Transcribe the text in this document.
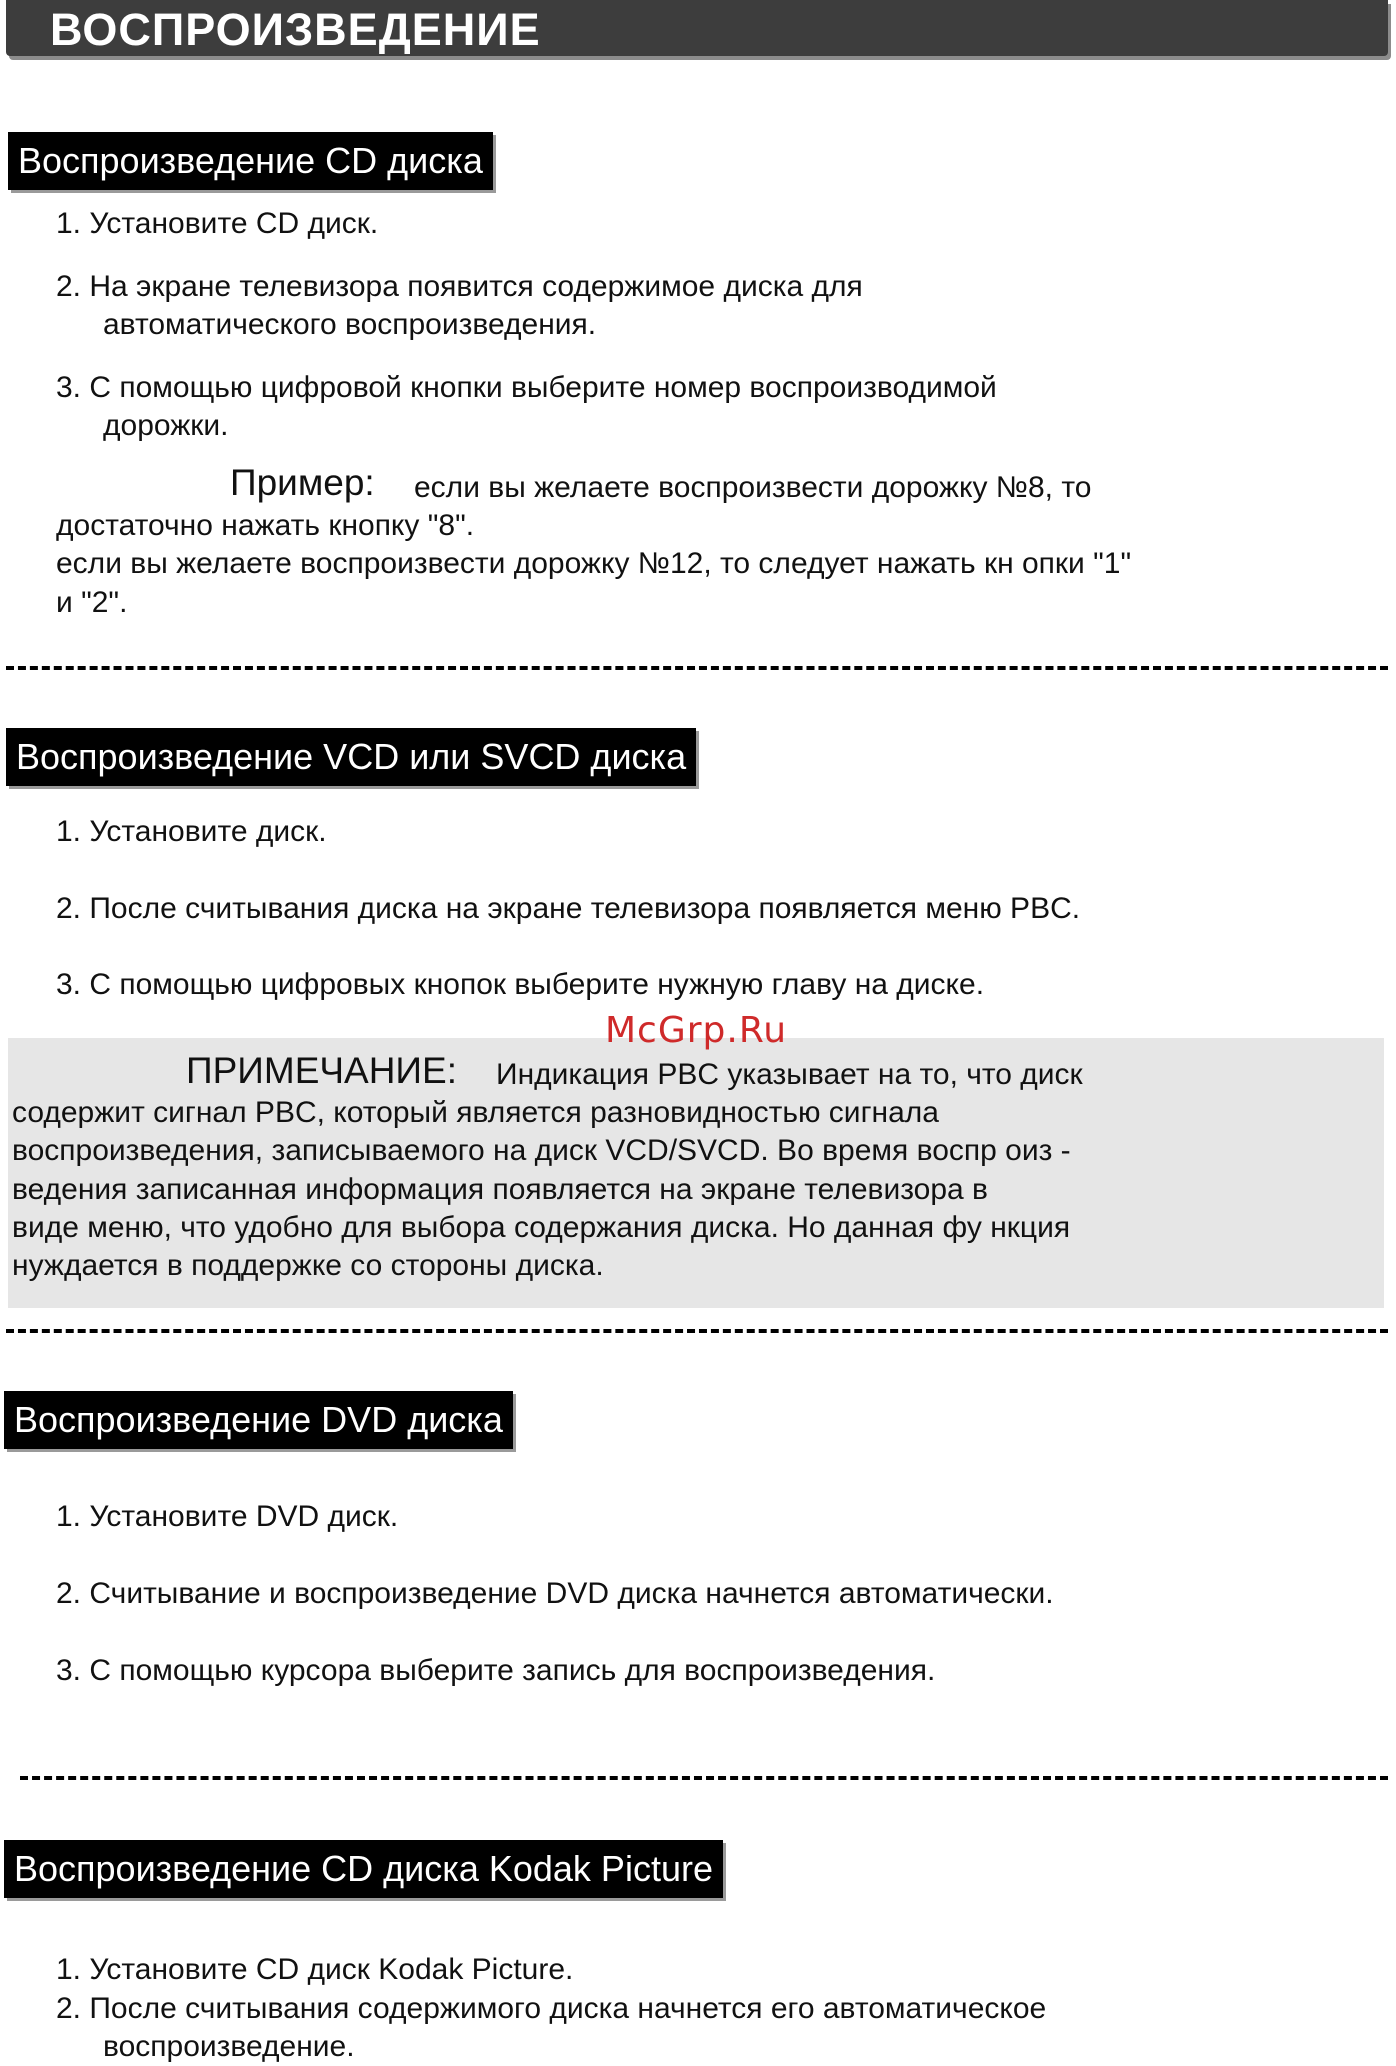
ВОСПРОИЗВЕДЕНИЕ
Воспроизведение CD диска
1. Установите CD диск.
2. На экране телевизора появится содержимое диска для
автоматического воспроизведения.
3. С помощью цифровой кнопки выберите номер воспроизводимой
дорожки.
Пример: если вы желаете воспроизвести дорожку №8, то
достаточно нажать кнопку "8".
если вы желаете воспроизвести дорожку №12, то следует нажать кн опки "1"
и "2".
Воспроизведение VCD или SVCD диска
1. Установите диск.
2. После считывания диска на экране телевизора появляется меню PBC.
3. С помощью цифровых кнопок выберите нужную главу на диске.
McGrp.Ru
ПРИМЕЧАНИЕ: Индикация PBC указывает на то, что диск
содержит сигнал PBC, который является разновидностью сигнала
воспроизведения, записываемого на диск VCD/SVCD. Во время воспр оиз -
ведения записанная информация появляется на экране телевизора в
виде меню, что удобно для выбора содержания диска. Но данная фу нкция
нуждается в поддержке со стороны диска.
Воспроизведение DVD диска
1. Установите DVD диск.
2. Считывание и воспроизведение DVD диска начнется автоматически.
3. С помощью курсора выберите запись для воспроизведения.
Воспроизведение CD диска Kodak Picture
1. Установите CD диск Kodak Picture.
2. После считывания содержимого диска начнется его автоматическое
воспроизведение.
